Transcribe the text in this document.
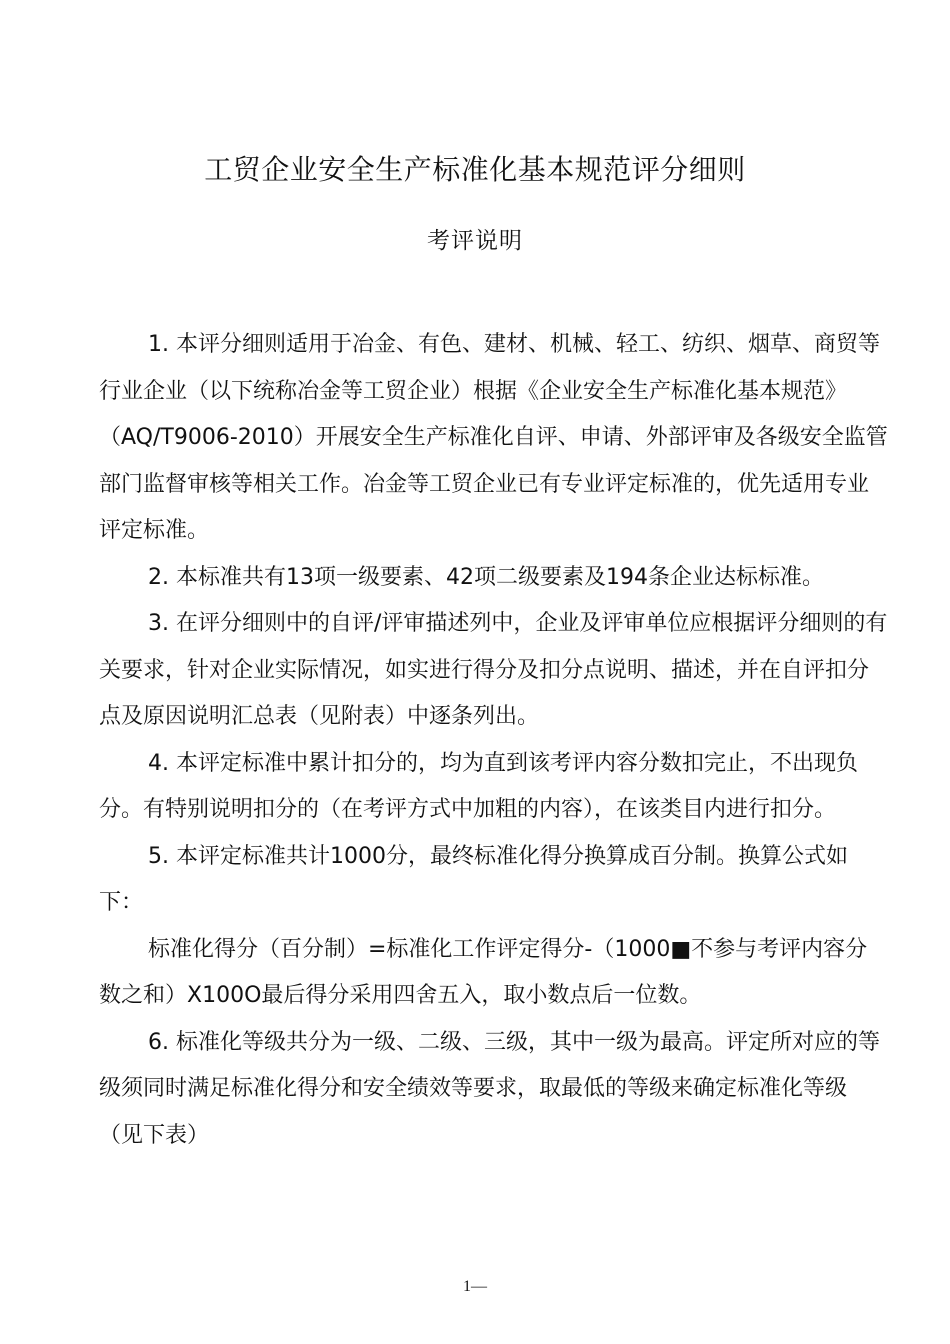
工贸企业安全生产标准化基本规范评分细则
考评说明

1. 本评分细则适用于冶金、有色、建材、机械、轻工、纺织、烟草、商贸等行业企业（以下统称冶金等工贸企业）根据《企业安全生产标准化基本规范》（AQ/T9006-2010）开展安全生产标准化自评、申请、外部评审及各级安全监管部门监督审核等相关工作。冶金等工贸企业已有专业评定标准的，优先适用专业评定标准。

2. 本标准共有13项一级要素、42项二级要素及194条企业达标标准。

3. 在评分细则中的自评/评审描述列中，企业及评审单位应根据评分细则的有关要求，针对企业实际情况，如实进行得分及扣分点说明、描述，并在自评扣分点及原因说明汇总表（见附表）中逐条列出。

4. 本评定标准中累计扣分的，均为直到该考评内容分数扣完止，不出现负分。有特别说明扣分的（在考评方式中加粗的内容），在该类目内进行扣分。

5. 本评定标准共计1000分，最终标准化得分换算成百分制。换算公式如下：

标准化得分（百分制）=标准化工作评定得分-（1000■不参与考评内容分数之和）X100O最后得分采用四舍五入，取小数点后一位数。

6. 标准化等级共分为一级、二级、三级，其中一级为最高。评定所对应的等级须同时满足标准化得分和安全绩效等要求，取最低的等级来确定标准化等级（见下表）

1—
